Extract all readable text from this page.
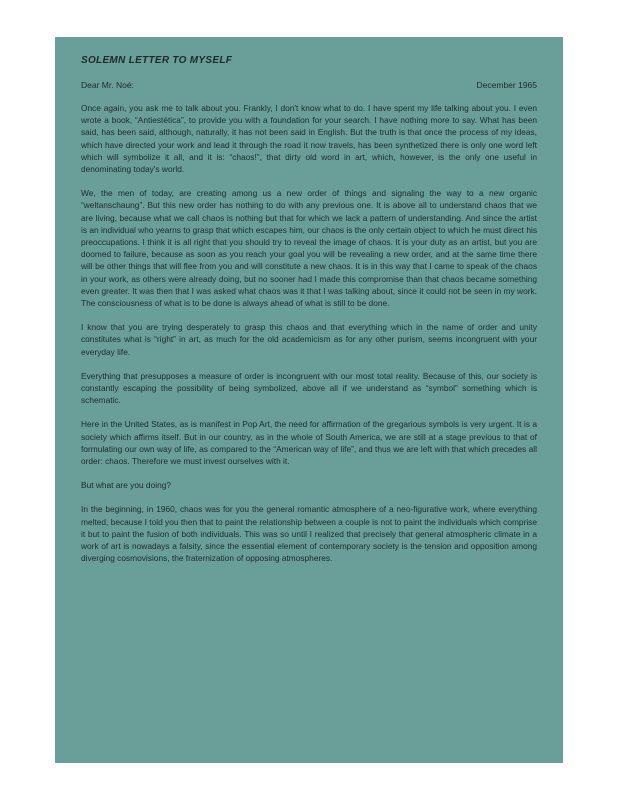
SOLEMN LETTER TO MYSELF
Dear Mr. Noé:	December 1965

Once again, you ask me to talk about you. Frankly, I don't know what to do. I have spent my life talking about you. I even wrote a book, “Antiestética”, to provide you with a foundation for your search. I have nothing more to say. What has been said, has been said, although, naturally, it has not been said in English. But the truth is that once the process of my ideas, which have directed your work and lead it through the road it now travels, has been synthetized there is only one word left which will symbolize it all, and it is: “chaos!”, that dirty old word in art, which, however, is the only one useful in denominating today's world.

We, the men of today, are creating among us a new order of things and signaling the way to a new organic “weltanschaung”. But this new order has nothing to do with any previous one. It is above all to understand chaos that we are living, because what we call chaos is nothing but that for which we lack a pattern of understanding. And since the artist is an individual who yearns to grasp that which escapes him, our chaos is the only certain object to which he must direct his preoccupations. I think it is all right that you should try to reveal the image of chaos. It is your duty as an artist, but you are doomed to failure, because as soon as you reach your goal you will be revealing a new order, and at the same time there will be other things that will flee from you and will constitute a new chaos. It is in this way that I came to speak of the chaos in your work, as others were already doing, but no sooner had I made this compromise than that chaos became something even greater. It was then that I was asked what chaos was it that I was talking about, since it could not be seen in my work. The consciousness of what is to be done is always ahead of what is still to be done.

I know that you are trying desperately to grasp this chaos and that everything which in the name of order and unity constitutes what is “right” in art, as much for the old academicism as for any other purism, seems incongruent with your everyday life.

Everything that presupposes a measure of order is incongruent with our most total reality. Because of this, our society is constantly escaping the possibility of being symbolized, above all if we understand as “symbol” something which is schematic.

Here in the United States, as is manifest in Pop Art, the need for affirmation of the gregarious symbols is very urgent. It is a society which affirms itself. But in our country, as in the whole of South America, we are still at a stage previous to that of formulating our own way of life, as compared to the “American way of life”, and thus we are left with that which precedes all order: chaos. Therefore we must invest ourselves with it.

But what are you doing?

In the beginning, in 1960, chaos was for you the general romantic atmosphere of a neo-figurative work, where everything melted, because I told you then that to paint the relationship between a couple is not to paint the individuals which comprise it but to paint the fusion of both individuals. This was so until I realized that precisely that general atmospheric climate in a work of art is nowadays a falsity, since the essential element of contemporary society is the tension and opposition among diverging cosmovisions, the fraternization of opposing atmospheres.
